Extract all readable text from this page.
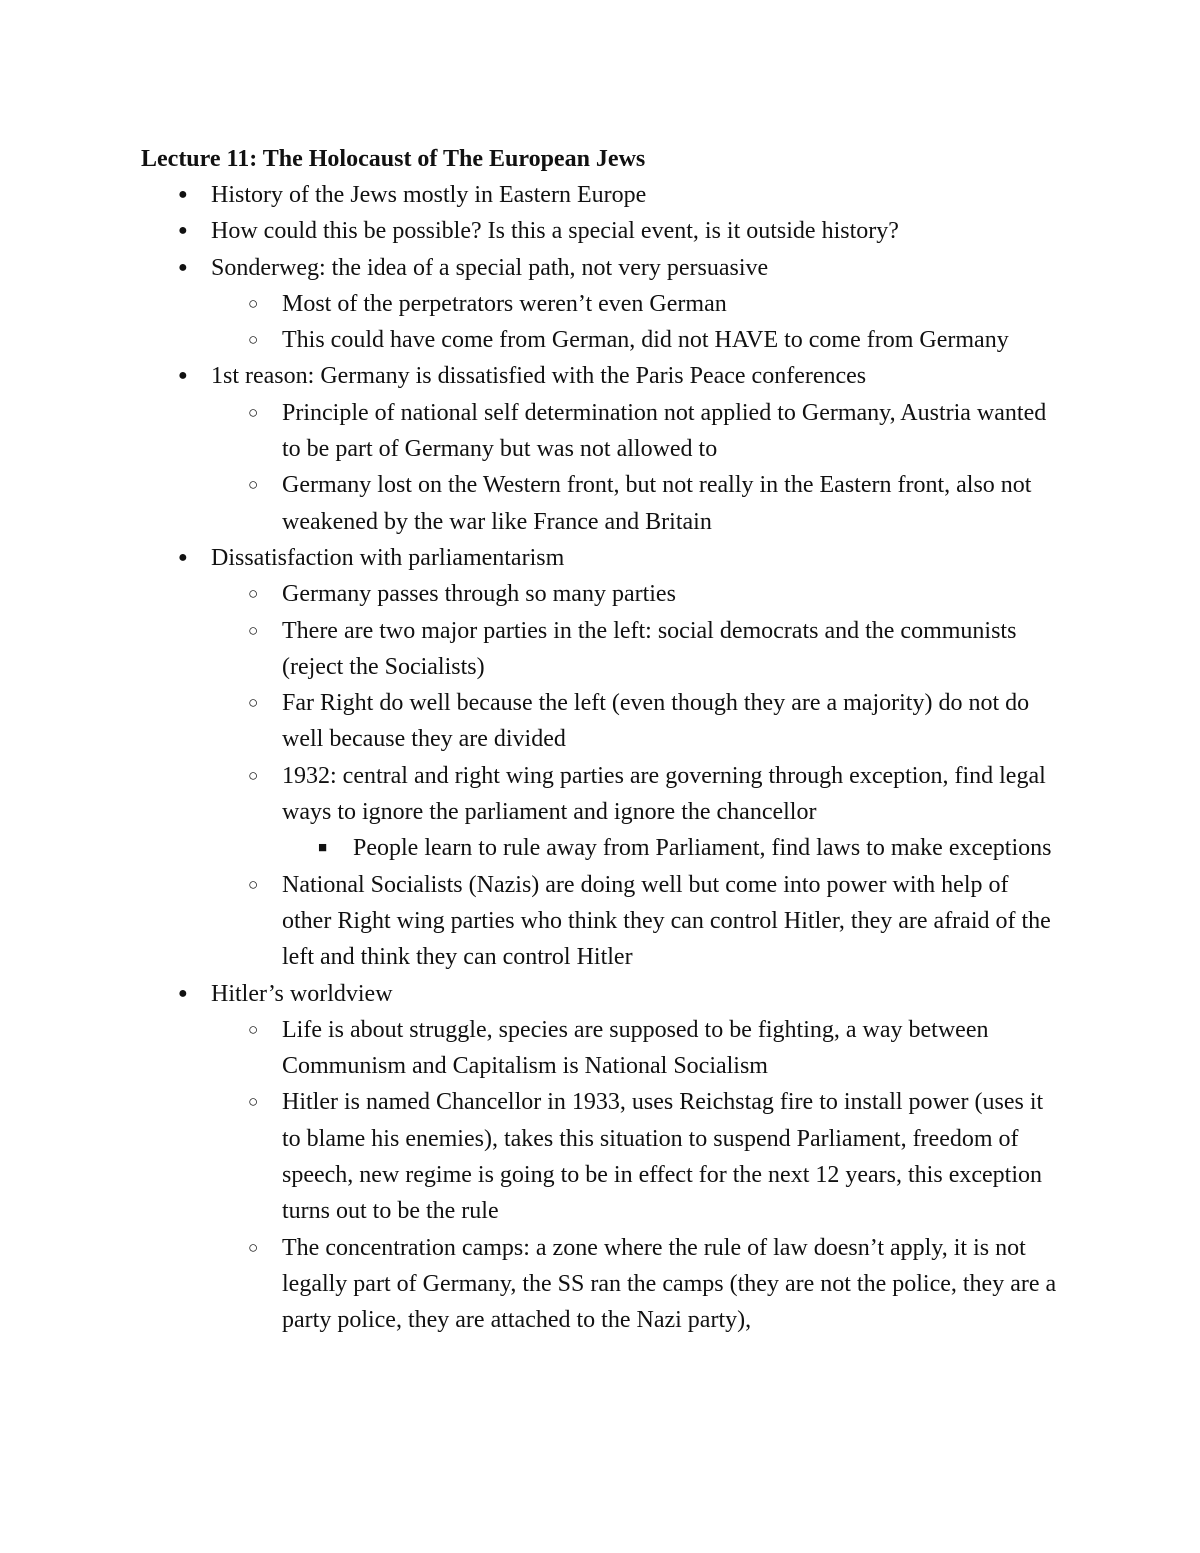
Lecture 11: The Holocaust of The European Jews
● History of the Jews mostly in Eastern Europe
● How could this be possible? Is this a special event, is it outside history?
● Sonderweg: the idea of a special path, not very persuasive
○ Most of the perpetrators weren’t even German
○ This could have come from German, did not HAVE to come from Germany
● 1st reason: Germany is dissatisfied with the Paris Peace conferences
○ Principle of national self determination not applied to Germany, Austria wanted to be part of Germany but was not allowed to
○ Germany lost on the Western front, but not really in the Eastern front, also not weakened by the war like France and Britain
● Dissatisfaction with parliamentarism
○ Germany passes through so many parties
○ There are two major parties in the left: social democrats and the communists (reject the Socialists)
○ Far Right do well because the left (even though they are a majority) do not do well because they are divided
○ 1932: central and right wing parties are governing through exception, find legal ways to ignore the parliament and ignore the chancellor
■ People learn to rule away from Parliament, find laws to make exceptions
○ National Socialists (Nazis) are doing well but come into power with help of other Right wing parties who think they can control Hitler, they are afraid of the left and think they can control Hitler
● Hitler’s worldview
○ Life is about struggle, species are supposed to be fighting, a way between Communism and Capitalism is National Socialism
○ Hitler is named Chancellor in 1933, uses Reichstag fire to install power (uses it to blame his enemies), takes this situation to suspend Parliament, freedom of speech, new regime is going to be in effect for the next 12 years, this exception turns out to be the rule
○ The concentration camps: a zone where the rule of law doesn’t apply, it is not legally part of Germany, the SS ran the camps (they are not the police, they are a party police, they are attached to the Nazi party),
